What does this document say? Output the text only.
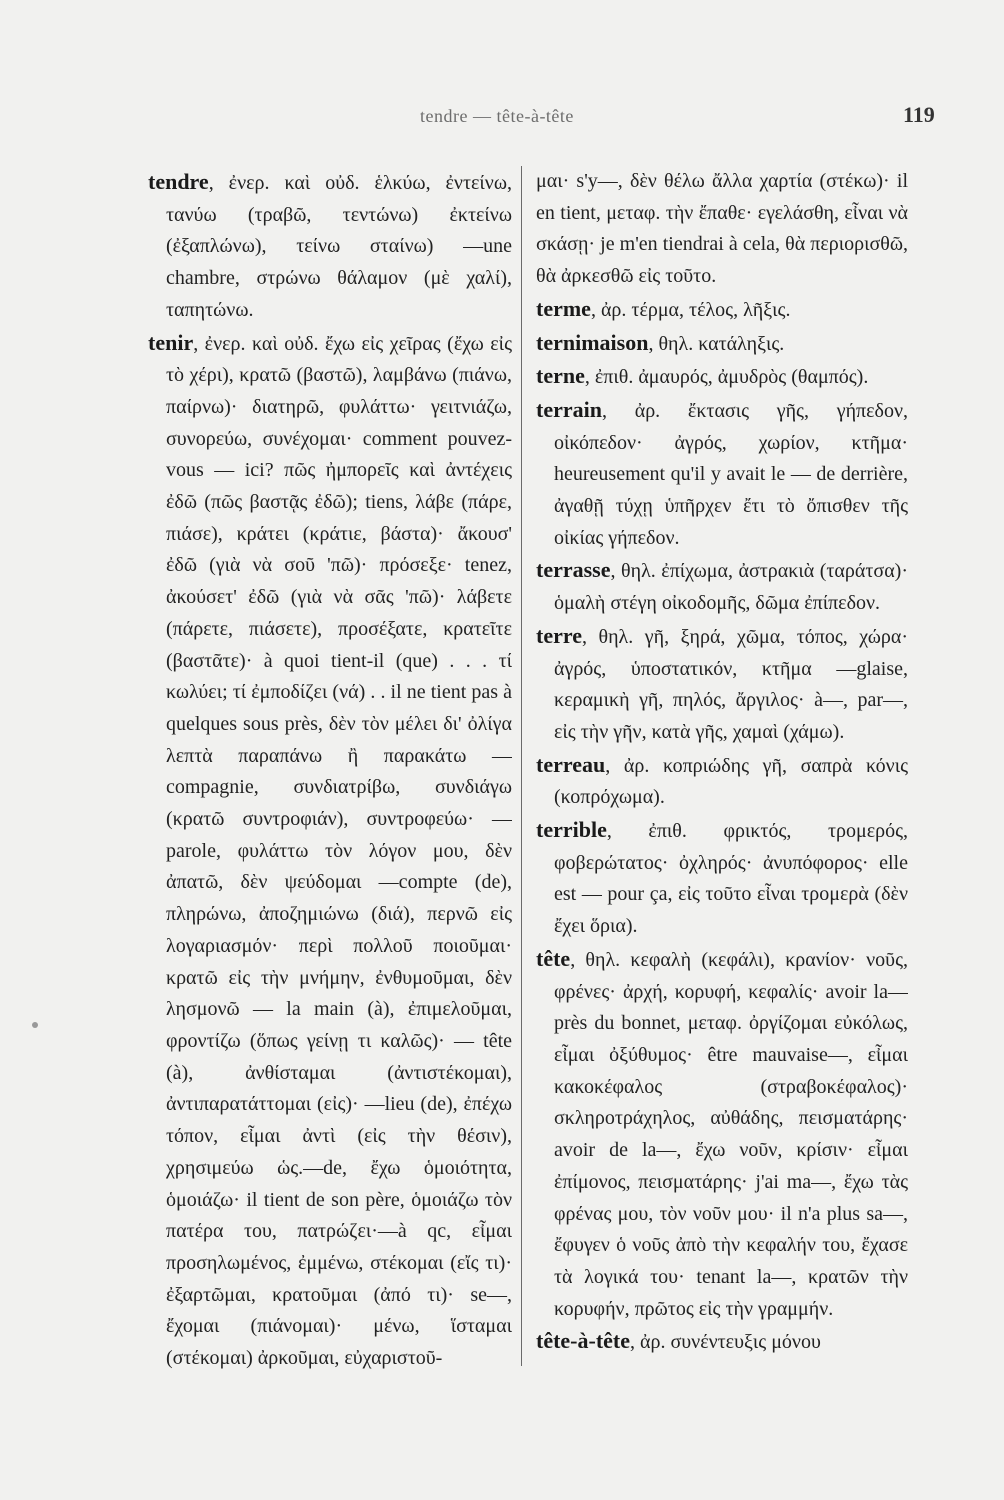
tendre — tête-à-tête	119

tendre, ἐνερ. καὶ οὐδ. ἑλκύω, ἐντείνω, τανύω (τραβῶ, τεντώνω) ἐκτείνω (ἐξαπλώνω), τείνω σταίνω) —une chambre, στρώνω θάλαμον (μὲ χαλί), ταπητώνω.

tenir, ἐνερ. καὶ οὐδ. ἔχω εἰς χεῖρας (ἔχω εἰς τὸ χέρι), κρατῶ (βαστῶ), λαμβάνω (πιάνω, παίρνω)· διατηρῶ, φυλάττω· γειτνιάζω, συνορεύω, συνέχομαι· comment pouvez-vous — ici? πῶς ἠμπορεῖς καὶ ἀντέχεις ἐδῶ (πῶς βαστᾷς ἐδῶ); tiens, λάβε (πάρε, πιάσε), κράτει (κράτιε, βάστα)· ἄκουσ' ἐδῶ (γιὰ νὰ σοῦ 'πῶ)· πρόσεξε· tenez, ἀκούσετ' ἐδῶ (γιὰ νὰ σᾶς 'πῶ)· λάβετε (πάρετε, πιάσετε), προσέξατε, κρατεῖτε (βαστᾶτε)· à quoi tient-il (que) . . . τί κωλύει; τί ἐμποδίζει (νά) . . il ne tient pas à quelques sous près, δὲν τὸν μέλει δι' ὀλίγα λεπτὰ παραπάνω ἢ παρακάτω — compagnie, συνδιατρίβω, συνδιάγω (κρατῶ συντροφιάν), συντροφεύω· — parole, φυλάττω τὸν λόγον μου, δὲν ἀπατῶ, δὲν ψεύδομαι —compte (de), πληρώνω, ἀποζημιώνω (διά), περνῶ εἰς λογαριασμόν· περὶ πολλοῦ ποιοῦμαι· κρατῶ εἰς τὴν μνήμην, ἐνθυμοῦμαι, δὲν λησμονῶ — la main (à), ἐπιμελοῦμαι, φροντίζω (ὅπως γείνῃ τι καλῶς)· — tête (à), ἀνθίσταμαι (ἀντιστέκομαι), ἀντιπαρατάττομαι (εἰς)· —lieu (de), ἐπέχω τόπον, εἶμαι ἀντὶ (εἰς τὴν θέσιν), χρησιμεύω ὡς.—de, ἔχω ὁμοιότητα, ὁμοιάζω· il tient de son père, ὁμοιάζω τὸν πατέρα του, πατρώζει·—à qc, εἶμαι προσηλωμένος, ἐμμένω, στέκομαι (εἴς τι)· ἐξαρτῶμαι, κρατοῦμαι (ἀπό τι)· se—, ἔχομαι (πιάνομαι)· μένω, ἵσταμαι (στέκομαι) ἀρκοῦμαι, εὐχαριστοῦ-

μαι· s'y—, δὲν θέλω ἄλλα χαρτία (στέκω)· il en tient, μεταφ. τὴν ἔπαθε· εγελάσθη, εἶναι νὰ σκάσῃ· je m'en tiendrai à cela, θὰ περιορισθῶ, θὰ ἀρκεσθῶ εἰς τοῦτο.

terme, ἀρ. τέρμα, τέλος, λῆξις.

ternimaison, θηλ. κατάληξις.

terne, ἐπιθ. ἀμαυρός, ἀμυδρὸς (θαμπός).

terrain, ἀρ. ἔκτασις γῆς, γήπεδον, οἰκόπεδον· ἀγρός, χωρίον, κτῆμα· heureusement qu'il y avait le — de derrière, ἀγαθῇ τύχῃ ὑπῆρχεν ἔτι τὸ ὄπισθεν τῆς οἰκίας γήπεδον.

terrasse, θηλ. ἐπίχωμα, ἀστρακιὰ (ταράτσα)· ὁμαλὴ στέγη οἰκοδομῆς, δῶμα ἐπίπεδον.

terre, θηλ. γῆ, ξηρά, χῶμα, τόπος, χώρα· ἀγρός, ὑποστατικόν, κτῆμα —glaise, κεραμικὴ γῆ, πηλός, ἄργιλος· à—, par—, εἰς τὴν γῆν, κατὰ γῆς, χαμαὶ (χάμω).

terreau, ἀρ. κοπριώδης γῆ, σαπρὰ κόνις (κοπρόχωμα).

terrible, ἐπιθ. φρικτός, τρομερός, φοβερώτατος· ὀχληρός· ἀνυπόφορος· elle est — pour ça, εἰς τοῦτο εἶναι τρομερὰ (δὲν ἔχει ὅρια).

tête, θηλ. κεφαλὴ (κεφάλι), κρανίον· νοῦς, φρένες· ἀρχή, κορυφή, κεφαλίς· avoir la—près du bonnet, μεταφ. ὀργίζομαι εὐκόλως, εἶμαι ὀξύθυμος· être mauvaise—, εἶμαι κακοκέφαλος (στραβοκέφαλος)· σκληροτράχηλος, αὐθάδης, πεισματάρης· avoir de la—, ἔχω νοῦν, κρίσιν· εἶμαι ἐπίμονος, πεισματάρης· j'ai ma—, ἔχω τὰς φρένας μου, τὸν νοῦν μου· il n'a plus sa—, ἔφυγεν ὁ νοῦς ἀπὸ τὴν κεφαλήν του, ἔχασε τὰ λογικά του· tenant la—, κρατῶν τὴν κορυφήν, πρῶτος εἰς τὴν γραμμήν.

tête-à-tête, ἀρ. συνέντευξις μόνου
